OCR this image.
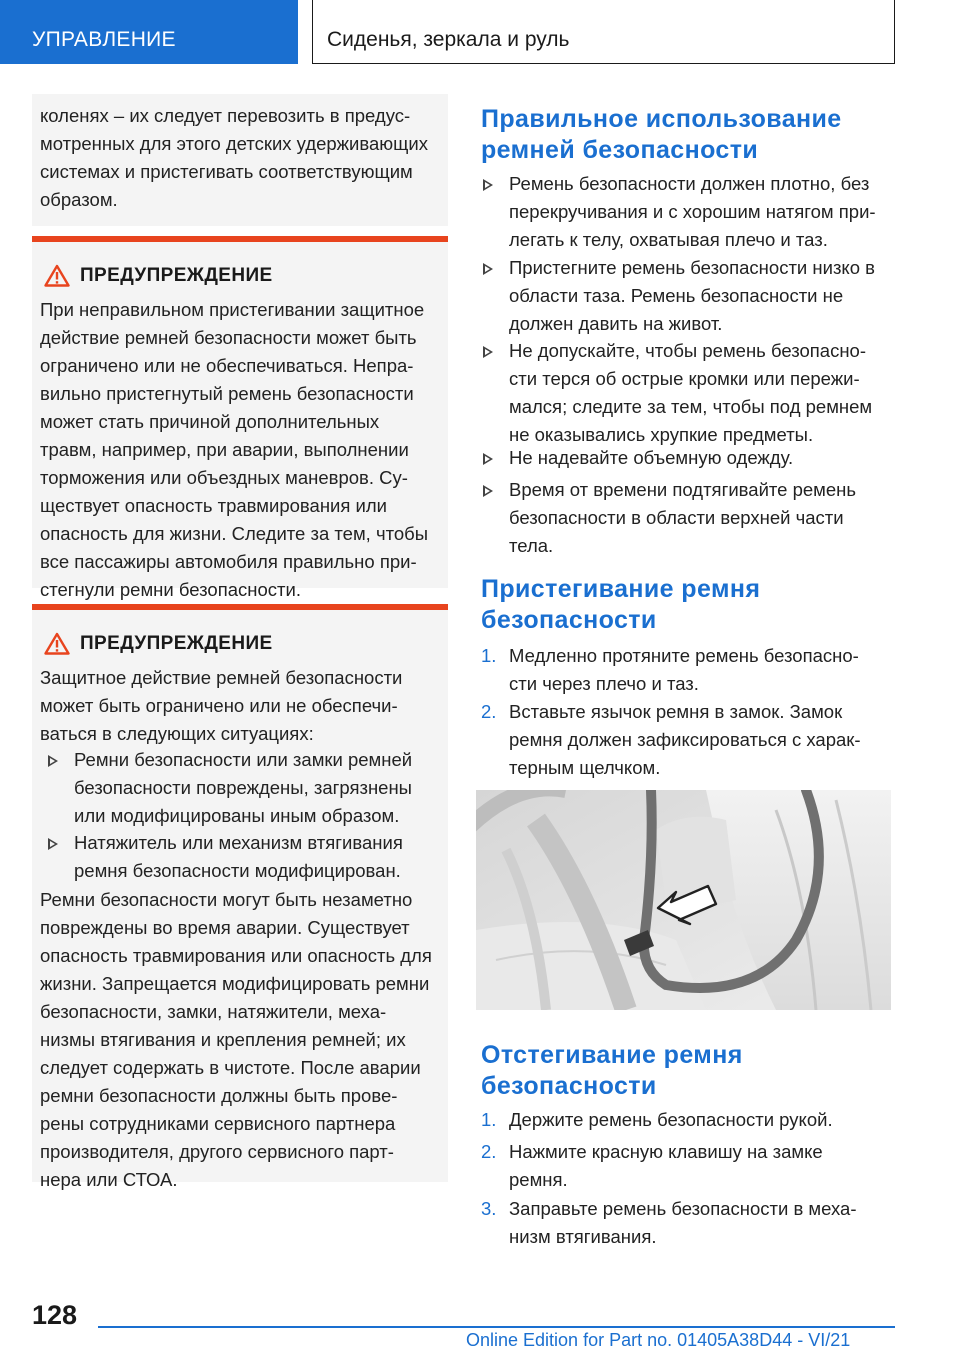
УПРАВЛЕНИЕ	Сиденья, зеркала и руль
коленях – их следует перевозить в предус-
мотренных для этого детских удерживающих
системах и пристегивать соответствующим
образом.
ПРЕДУПРЕЖДЕНИЕ
При неправильном пристегивании защитное
действие ремней безопасности может быть
ограничено или не обеспечиваться. Непра-
вильно пристегнутый ремень безопасности
может стать причиной дополнительных
травм, например, при аварии, выполнении
торможения или объездных маневров. Су-
ществует опасность травмирования или
опасность для жизни. Следите за тем, чтобы
все пассажиры автомобиля правильно при-
стегнули ремни безопасности.
ПРЕДУПРЕЖДЕНИЕ
Защитное действие ремней безопасности
может быть ограничено или не обеспечи-
ваться в следующих ситуациях:
Ремни безопасности или замки ремней
безопасности повреждены, загрязнены
или модифицированы иным образом.
Натяжитель или механизм втягивания
ремня безопасности модифицирован.
Ремни безопасности могут быть незаметно
повреждены во время аварии. Существует
опасность травмирования или опасность для
жизни. Запрещается модифицировать ремни
безопасности, замки, натяжители, меха-
низмы втягивания и крепления ремней; их
следует содержать в чистоте. После аварии
ремни безопасности должны быть прове-
рены сотрудниками сервисного партнера
производителя, другого сервисного парт-
нера или СТОА.
Правильное использование
ремней безопасности
Ремень безопасности должен плотно, без
перекручивания и с хорошим натягом при-
легать к телу, охватывая плечо и таз.
Пристегните ремень безопасности низко в
области таза. Ремень безопасности не
должен давить на живот.
Не допускайте, чтобы ремень безопасно-
сти терся об острые кромки или пережи-
мался; следите за тем, чтобы под ремнем
не оказывались хрупкие предметы.
Не надевайте объемную одежду.
Время от времени подтягивайте ремень
безопасности в области верхней части
тела.
Пристегивание ремня
безопасности
1. Медленно протяните ремень безопасно-
сти через плечо и таз.
2. Вставьте язычок ремня в замок. Замок
ремня должен зафиксироваться с харак-
терным щелчком.
Отстегивание ремня
безопасности
1. Держите ремень безопасности рукой.
2. Нажмите красную клавишу на замке
ремня.
3. Заправьте ремень безопасности в меха-
низм втягивания.
128
Online Edition for Part no. 01405A38D44 - VI/21
